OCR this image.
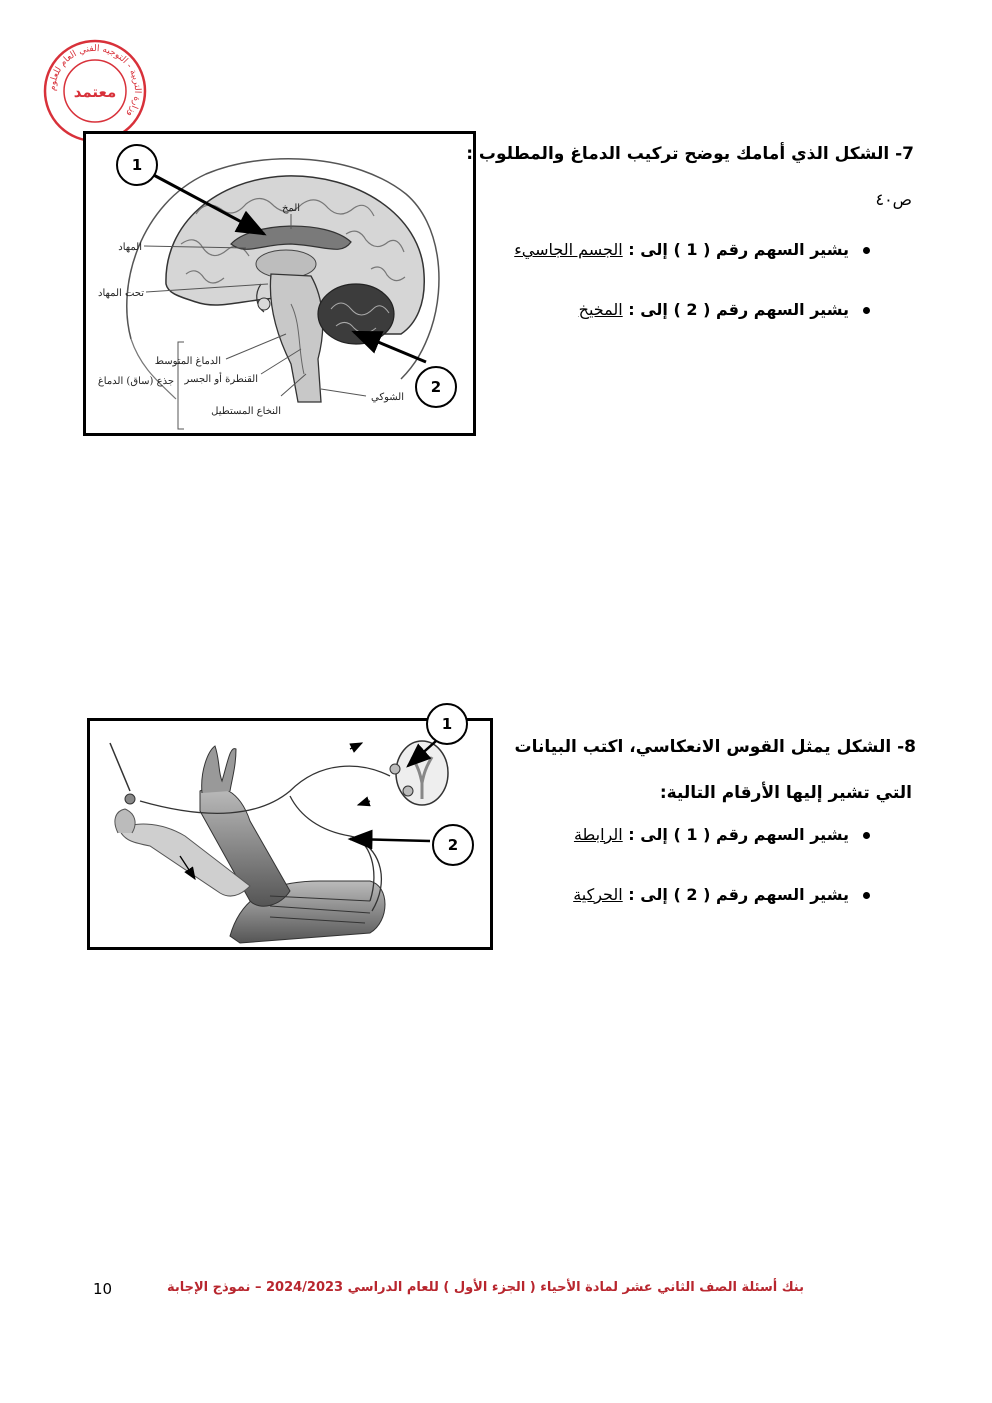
وزارة التربية - التوجيه الفني العام للعلوم
معتمد
المخ
المهاد
تحت المهاد
الدماغ المتوسط
القنطرة أو الجسر
النخاع المستطيل
الشوكي
جذع (ساق) الدماغ
1
2
7- الشكل الذي أمامك يوضح تركيب الدماغ والمطلوب :
ص٤٠
يشير السهم رقم ( 1 ) إلى : الجسم الجاسيء
يشير السهم رقم ( 2 ) إلى : المخيخ
1
2
8- الشكل يمثل القوس الانعكاسي، اكتب البيانات
التي تشير إليها الأرقام التالية:
يشير السهم رقم ( 1 ) إلى : الرابطة
يشير السهم رقم ( 2 ) إلى : الحركية
بنك أسئلة الصف الثاني عشر لمادة الأحياء ( الجزء الأول ) للعام الدراسي 2024/2023 – نموذج الإجابة
10
